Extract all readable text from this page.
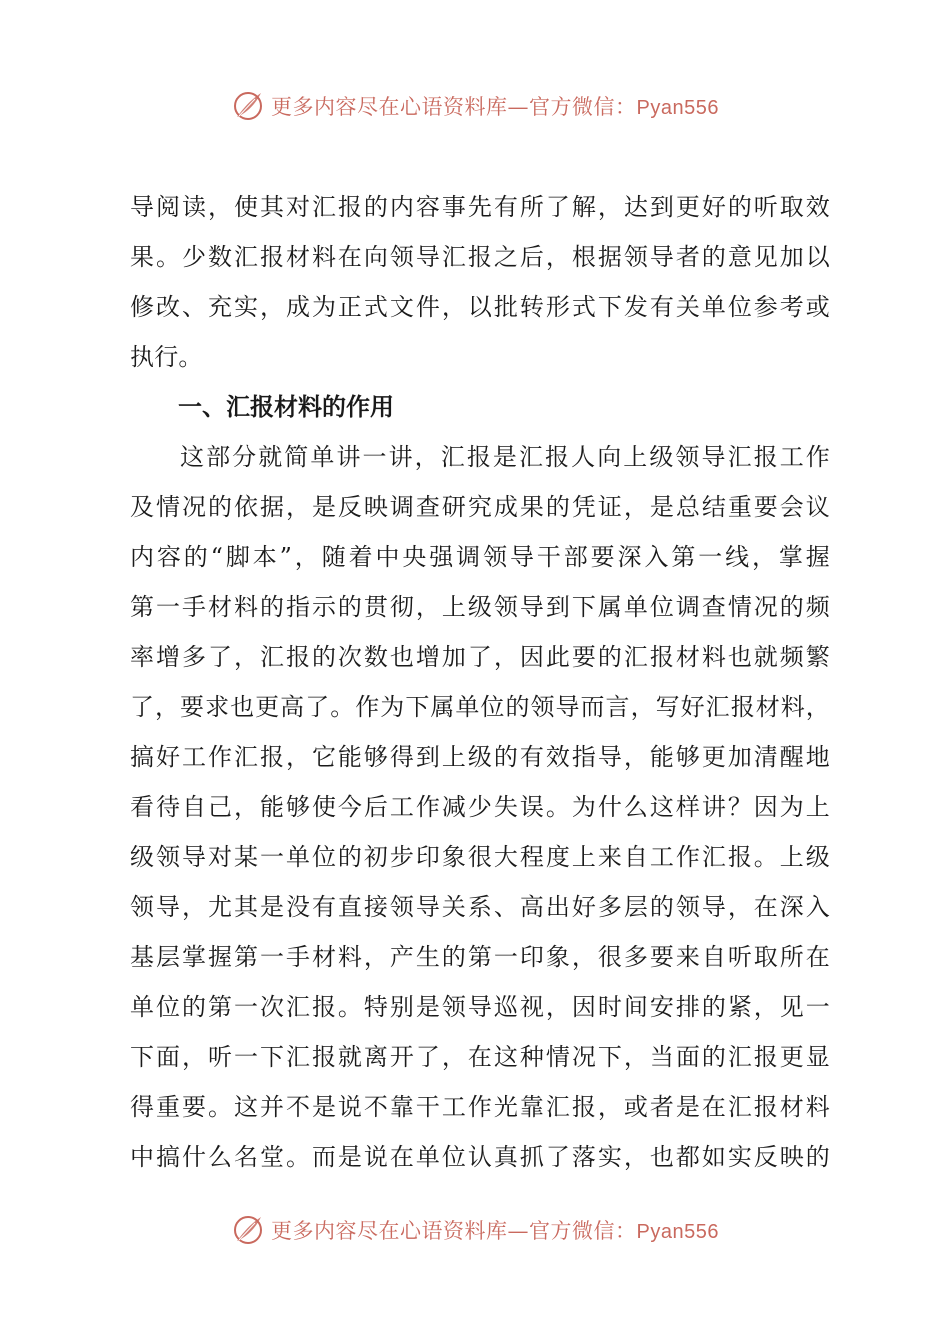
更多内容尽在心语资料库—官方微信：Pyan556
导阅读，使其对汇报的内容事先有所了解，达到更好的听取效
果。少数汇报材料在向领导汇报之后，根据领导者的意见加以
修改、充实，成为正式文件，以批转形式下发有关单位参考或
执行。
一、汇报材料的作用
这部分就简单讲一讲，汇报是汇报人向上级领导汇报工作
及情况的依据，是反映调查研究成果的凭证，是总结重要会议
内容的“脚本”，随着中央强调领导干部要深入第一线，掌握
第一手材料的指示的贯彻，上级领导到下属单位调查情况的频
率增多了，汇报的次数也增加了，因此要的汇报材料也就频繁
了，要求也更高了。作为下属单位的领导而言，写好汇报材料，
搞好工作汇报，它能够得到上级的有效指导，能够更加清醒地
看待自己，能够使今后工作减少失误。为什么这样讲？因为上
级领导对某一单位的初步印象很大程度上来自工作汇报。上级
领导，尤其是没有直接领导关系、高出好多层的领导，在深入
基层掌握第一手材料，产生的第一印象，很多要来自听取所在
单位的第一次汇报。特别是领导巡视，因时间安排的紧，见一
下面，听一下汇报就离开了，在这种情况下，当面的汇报更显
得重要。这并不是说不靠干工作光靠汇报，或者是在汇报材料
中搞什么名堂。而是说在单位认真抓了落实，也都如实反映的
更多内容尽在心语资料库—官方微信：Pyan556
